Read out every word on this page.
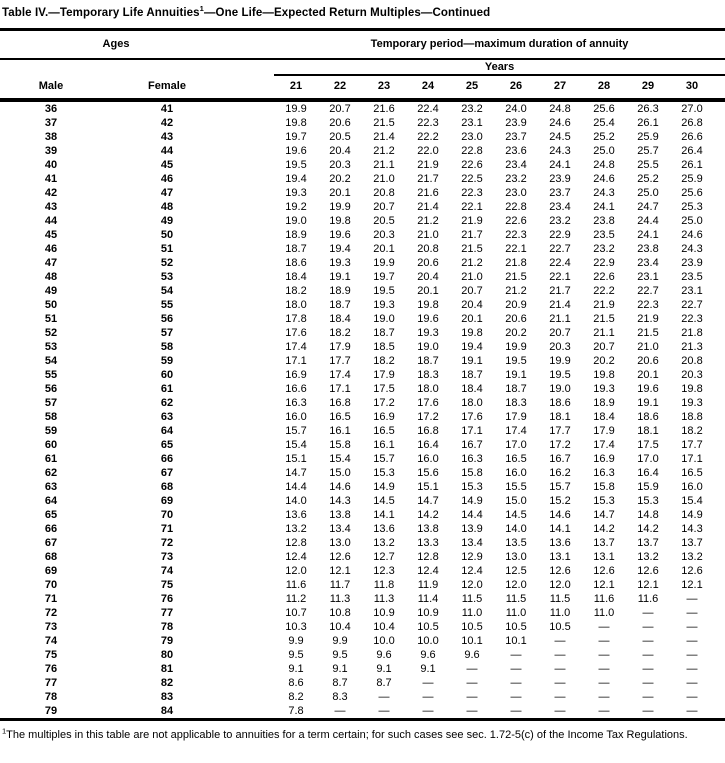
Table IV.—Temporary Life Annuities$^1$—One Life—Expected Return Multiples—Continued
Ages			Temporary period—maximum duration of annuity										
			Years										
Male	Female		21	22	23	24	25	26	27	28	29	30	
36	41		19.9	20.7	21.6	22.4	23.2	24.0	24.8	25.6	26.3	27.0	
37	42		19.8	20.6	21.5	22.3	23.1	23.9	24.6	25.4	26.1	26.8	
38	43		19.7	20.5	21.4	22.2	23.0	23.7	24.5	25.2	25.9	26.6	
39	44		19.6	20.4	21.2	22.0	22.8	23.6	24.3	25.0	25.7	26.4	
40	45		19.5	20.3	21.1	21.9	22.6	23.4	24.1	24.8	25.5	26.1	
41	46		19.4	20.2	21.0	21.7	22.5	23.2	23.9	24.6	25.2	25.9	
42	47		19.3	20.1	20.8	21.6	22.3	23.0	23.7	24.3	25.0	25.6	
43	48		19.2	19.9	20.7	21.4	22.1	22.8	23.4	24.1	24.7	25.3	
44	49		19.0	19.8	20.5	21.2	21.9	22.6	23.2	23.8	24.4	25.0	
45	50		18.9	19.6	20.3	21.0	21.7	22.3	22.9	23.5	24.1	24.6	
46	51		18.7	19.4	20.1	20.8	21.5	22.1	22.7	23.2	23.8	24.3	
47	52		18.6	19.3	19.9	20.6	21.2	21.8	22.4	22.9	23.4	23.9	
48	53		18.4	19.1	19.7	20.4	21.0	21.5	22.1	22.6	23.1	23.5	
49	54		18.2	18.9	19.5	20.1	20.7	21.2	21.7	22.2	22.7	23.1	
50	55		18.0	18.7	19.3	19.8	20.4	20.9	21.4	21.9	22.3	22.7	
51	56		17.8	18.4	19.0	19.6	20.1	20.6	21.1	21.5	21.9	22.3	
52	57		17.6	18.2	18.7	19.3	19.8	20.2	20.7	21.1	21.5	21.8	
53	58		17.4	17.9	18.5	19.0	19.4	19.9	20.3	20.7	21.0	21.3	
54	59		17.1	17.7	18.2	18.7	19.1	19.5	19.9	20.2	20.6	20.8	
55	60		16.9	17.4	17.9	18.3	18.7	19.1	19.5	19.8	20.1	20.3	
56	61		16.6	17.1	17.5	18.0	18.4	18.7	19.0	19.3	19.6	19.8	
57	62		16.3	16.8	17.2	17.6	18.0	18.3	18.6	18.9	19.1	19.3	
58	63		16.0	16.5	16.9	17.2	17.6	17.9	18.1	18.4	18.6	18.8	
59	64		15.7	16.1	16.5	16.8	17.1	17.4	17.7	17.9	18.1	18.2	
60	65		15.4	15.8	16.1	16.4	16.7	17.0	17.2	17.4	17.5	17.7	
61	66		15.1	15.4	15.7	16.0	16.3	16.5	16.7	16.9	17.0	17.1	
62	67		14.7	15.0	15.3	15.6	15.8	16.0	16.2	16.3	16.4	16.5	
63	68		14.4	14.6	14.9	15.1	15.3	15.5	15.7	15.8	15.9	16.0	
64	69		14.0	14.3	14.5	14.7	14.9	15.0	15.2	15.3	15.3	15.4	
65	70		13.6	13.8	14.1	14.2	14.4	14.5	14.6	14.7	14.8	14.9	
66	71		13.2	13.4	13.6	13.8	13.9	14.0	14.1	14.2	14.2	14.3	
67	72		12.8	13.0	13.2	13.3	13.4	13.5	13.6	13.7	13.7	13.7	
68	73		12.4	12.6	12.7	12.8	12.9	13.0	13.1	13.1	13.2	13.2	
69	74		12.0	12.1	12.3	12.4	12.4	12.5	12.6	12.6	12.6	12.6	
70	75		11.6	11.7	11.8	11.9	12.0	12.0	12.0	12.1	12.1	12.1	
71	76		11.2	11.3	11.3	11.4	11.5	11.5	11.5	11.6	11.6	—	
72	77		10.7	10.8	10.9	10.9	11.0	11.0	11.0	11.0	—	—	
73	78		10.3	10.4	10.4	10.5	10.5	10.5	10.5	—	—	—	
74	79		9.9	9.9	10.0	10.0	10.1	10.1	—	—	—	—	
75	80		9.5	9.5	9.6	9.6	9.6	—	—	—	—	—	
76	81		9.1	9.1	9.1	9.1	—	—	—	—	—	—	
77	82		8.6	8.7	8.7	—	—	—	—	—	—	—	
78	83		8.2	8.3	—	—	—	—	—	—	—	—	
79	84		7.8	—	—	—	—	—	—	—	—	—	
$^1$The multiples in this table are not applicable to annuities for a term certain; for such cases see sec. 1.72-5(c) of the Income Tax Regulations.
